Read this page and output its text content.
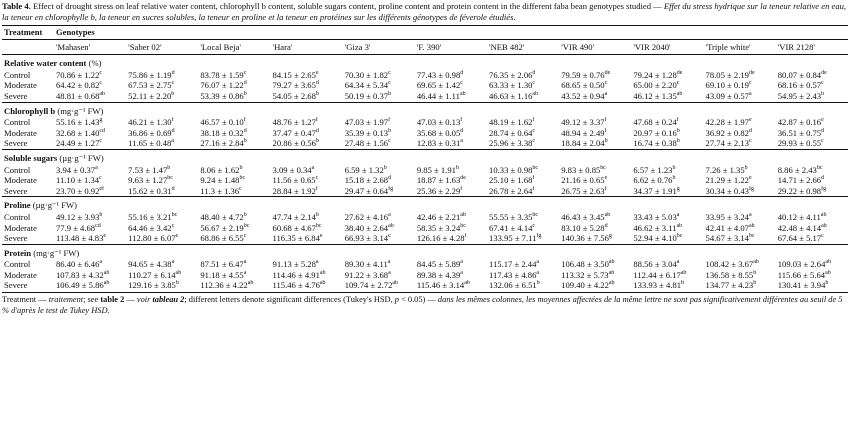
Table 4. Effect of drought stress on leaf relative water content, chlorophyll b content, soluble sugars content, proline content and protein content in the different faba bean genotypes studied — Effet du stress hydrique sur la teneur relative en eau, la teneur en chlorophylle b, la teneur en sucres solubles, la teneur en proline et la teneur en protéines sur les différents génotypes de féverole étudiés.
Treatment	Genotypes										

	'Mahasen'	'Saber 02'	'Local Beja'	'Hara'	'Giza 3'	'F. 390'	'NEB 482'	'VIR 490'	'VIR 2040'	'Triple white'	'VIR 2128'

Relative water content (%)											
Control	70.86 ± 1.22$^c$	75.86 ± 1.19$^d$	83.78 ± 1.59$^c$	84.15 ± 2.65$^e$	70.30 ± 1.82$^c$	77.43 ± 0.98$^d$	76.35 ± 2.06$^d$	79.59 ± 0.76de	79.24 ± 1.28de	78.05 ± 2.19de	80.07 ± 0.84de
Moderate	64.42 ± 0.82$^c$	67.53 ± 2.75$^c$	76.07 ± 1.22$^d$	79.27 ± 3.65$^d$	64.34 ± 5.34$^c$	69.65 ± 1.42$^c$	63.33 ± 1.30$^c$	68.65 ± 0.50$^c$	65.00 ± 2.20$^c$	69.10 ± 0.19$^c$	68.16 ± 0.57$^c$
Severe	48.81 ± 0.68$^{ab}$	52.11 ± 2.20$^b$	53.39 ± 0.86$^b$	54.05 ± 2.68$^b$	50.19 ± 0.37$^b$	46.44 ± 1.11$^{ab}$	46.63 ± 1.16$^{ab}$	43.52 ± 0.94$^a$	46.12 ± 1.35$^{ab}$	43.09 ± 0.57$^a$	54.95 ± 2.43$^b$

Chlorophyll b (mg·g⁻¹ FW)											
Control	55.16 ± 1.43$^g$	46.21 ± 1.30$^f$	46.57 ± 0.10$^f$	48.76 ± 1.27$^f$	47.03 ± 1.97$^f$	47.03 ± 0.13$^f$	48.19 ± 1.62$^f$	49.12 ± 3.37$^f$	47.68 ± 0.24$^f$	42.28 ± 1.97$^e$	42.87 ± 0.16$^e$
Moderate	32.68 ± 1.40$^{cd}$	36.86 ± 0.69$^d$	38.18 ± 0.32$^d$	37.47 ± 0.47$^d$	35.39 ± 0.13$^b$	35.68 ± 0.05$^d$	28.74 ± 0.64$^c$	48.94 ± 2.49$^f$	20.97 ± 0.16$^b$	36.92 ± 0.82$^d$	36.51 ± 0.75$^d$
Severe	24.49 ± 1.27$^c$	11.65 ± 0.48$^a$	27.16 ± 2.84$^b$	20.86 ± 0.56$^b$	27.48 ± 1.56$^c$	12.83 ± 0.31$^a$	25.96 ± 3.38$^c$	18.84 ± 2.04$^b$	16.74 ± 0.38$^b$	27.74 ± 2.13$^c$	29.93 ± 0.55$^c$

Soluble sugars (µg·g⁻¹ FW)											
Control	3.94 ± 0.37$^a$	7.53 ± 1.47$^b$	8.06 ± 1.62$^b$	3.09 ± 0.34$^a$	6.59 ± 1.32$^b$	9.85 ± 1.91$^b$	10.33 ± 0.98$^{bc}$	9.83 ± 0.85$^{bc}$	6.57 ± 1.23$^b$	7.26 ± 1.35$^b$	8.86 ± 2.43$^{bc}$
Moderate	11.10 ± 1.34$^c$	9.63 ± 1.27$^{bc}$	9.24 ± 1.48$^{bc}$	11.56 ± 0.65$^c$	15.18 ± 2.68$^d$	18.87 ± 1.63de	25.10 ± 1.68$^f$	21.16 ± 0.65$^e$	6.62 ± 0.76$^b$	21.29 ± 1.22$^e$	14.71 ± 2.66$^d$
Severe	23.70 ± 0.92$^{ef}$	15.62 ± 0.31$^d$	11.3 ± 1.36$^c$	28.84 ± 1.92$^f$	29.47 ± 0.64$^{fg}$	25.36 ± 2.29$^f$	26.78 ± 2.64$^f$	26.75 ± 2.63$^f$	34.37 ± 1.91$^g$	30.34 ± 0.43$^{fg}$	29.22 ± 0.98$^{fg}$

Proline (µg·g⁻¹ FW)											
Control	49.12 ± 3.93$^b$	55.16 ± 3.21$^{bc}$	48.40 ± 4.72$^b$	47.74 ± 2.14$^b$	27.62 ± 4.16$^a$	42.46 ± 2.21$^{ab}$	55.55 ± 3.35$^{bc}$	46.43 ± 3.45$^{ab}$	33.43 ± 5.03$^a$	33.95 ± 3.24$^a$	40.12 ± 4.11$^{ab}$
Moderate	77.9 ± 4.68$^{cd}$	64.46 ± 3.42$^c$	56.67 ± 2.19$^{bc}$	60.68 ± 4.67$^{bc}$	38.40 ± 2.64$^{ab}$	58.35 ± 3.24$^{bc}$	67.41 ± 4.14$^c$	83.10 ± 5.28$^d$	46.62 ± 3.11$^{ab}$	42.41 ± 4.07$^{ab}$	42.48 ± 4.14$^{ab}$
Severe	113.48 ± 4.83$^e$	112.80 ± 6.07$^e$	68.86 ± 6.55$^c$	116.35 ± 6.84$^e$	66.93 ± 3.14$^c$	126.16 ± 4.28$^f$	133.95 ± 7.11$^{fg}$	140.36 ± 7.56$^g$	52.94 ± 4.10$^{bc}$	54.67 ± 3.14$^{bc}$	67.64 ± 5.17$^c$

Protein (mg·g⁻¹ FW)											
Control	86.40 ± 6.46$^a$	94.65 ± 4.38$^a$	87.51 ± 6.47$^a$	91.13 ± 5.28$^a$	89.30 ± 4.11$^a$	84.45 ± 5.89$^a$	115.17 ± 2.44$^a$	106.48 ± 3.50$^{ab}$	88.56 ± 3.04$^a$	108.42 ± 3.67$^{ab}$	109.03 ± 2.64$^{ab}$
Moderate	107.83 ± 4.32$^{ab}$	110.27 ± 6.14$^{ab}$	91.18 ± 4.55$^a$	114.46 ± 4.91$^{ab}$	91.22 ± 3.68$^a$	89.38 ± 4.39$^a$	117.43 ± 4.86$^a$	113.32 ± 5.73$^{ab}$	112.44 ± 6.17$^{ab}$	136.58 ± 8.55$^b$	115.66 ± 5.64$^{ab}$
Severe	106.49 ± 5.86$^{ab}$	129.16 ± 3.85$^b$	112.36 ± 4.22$^{ab}$	115.46 ± 4.76$^{ab}$	109.74 ± 2.72$^{ab}$	115.46 ± 3.14$^{ab}$	132.06 ± 6.51$^b$	109.40 ± 4.22$^{ab}$	133.93 ± 4.81$^b$	134.77 ± 4.23$^b$	130.41 ± 3.94$^b$
Treatment — traitement; see table 2 — voir tableau 2; different letters denote significant differences (Tukey's HSD, p < 0.05) — dans les mêmes colonnes, les moyennes affectées de la même lettre ne sont pas significativement différentes au seuil de 5 % d'après le test de Tukey HSD.
